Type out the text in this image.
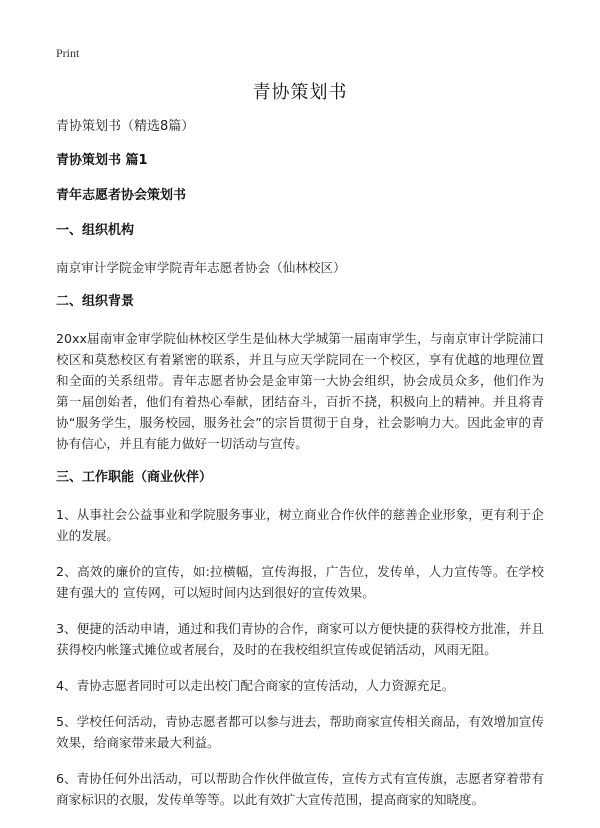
Print
青协策划书

青协策划书（精选8篇）

青协策划书 篇1

青年志愿者协会策划书

一、组织机构

南京审计学院金审学院青年志愿者协会（仙林校区）

二、组织背景

20xx届南审金审学院仙林校区学生是仙林大学城第一届南审学生，与南京审计学院浦口校区和莫愁校区有着紧密的联系，并且与应天学院同在一个校区，享有优越的地理位置和全面的关系纽带。青年志愿者协会是金审第一大协会组织，协会成员众多，他们作为第一届创始者，他们有着热心奉献，团结奋斗，百折不挠，积极向上的精神。并且将青协“服务学生，服务校园，服务社会”的宗旨贯彻于自身，社会影响力大。因此金审的青协有信心，并且有能力做好一切活动与宣传。

三、工作职能（商业伙伴）

1、从事社会公益事业和学院服务事业，树立商业合作伙伴的慈善企业形象，更有利于企业的发展。

2、高效的廉价的宣传，如:拉横幅，宣传海报，广告位，发传单，人力宣传等。在学校建有强大的 宣传网，可以短时间内达到很好的宣传效果。

3、便捷的活动申请，通过和我们青协的合作，商家可以方便快捷的获得校方批准，并且获得校内帐篷式摊位或者展台，及时的在我校组织宣传或促销活动，风雨无阻。

4、青协志愿者同时可以走出校门配合商家的宣传活动，人力资源充足。

5、学校任何活动，青协志愿者都可以参与进去，帮助商家宣传相关商品，有效增加宣传效果，给商家带来最大利益。

6、青协任何外出活动，可以帮助合作伙伴做宣传，宣传方式有宣传旗，志愿者穿着带有商家标识的衣服，发传单等等。以此有效扩大宣传范围，提高商家的知晓度。
